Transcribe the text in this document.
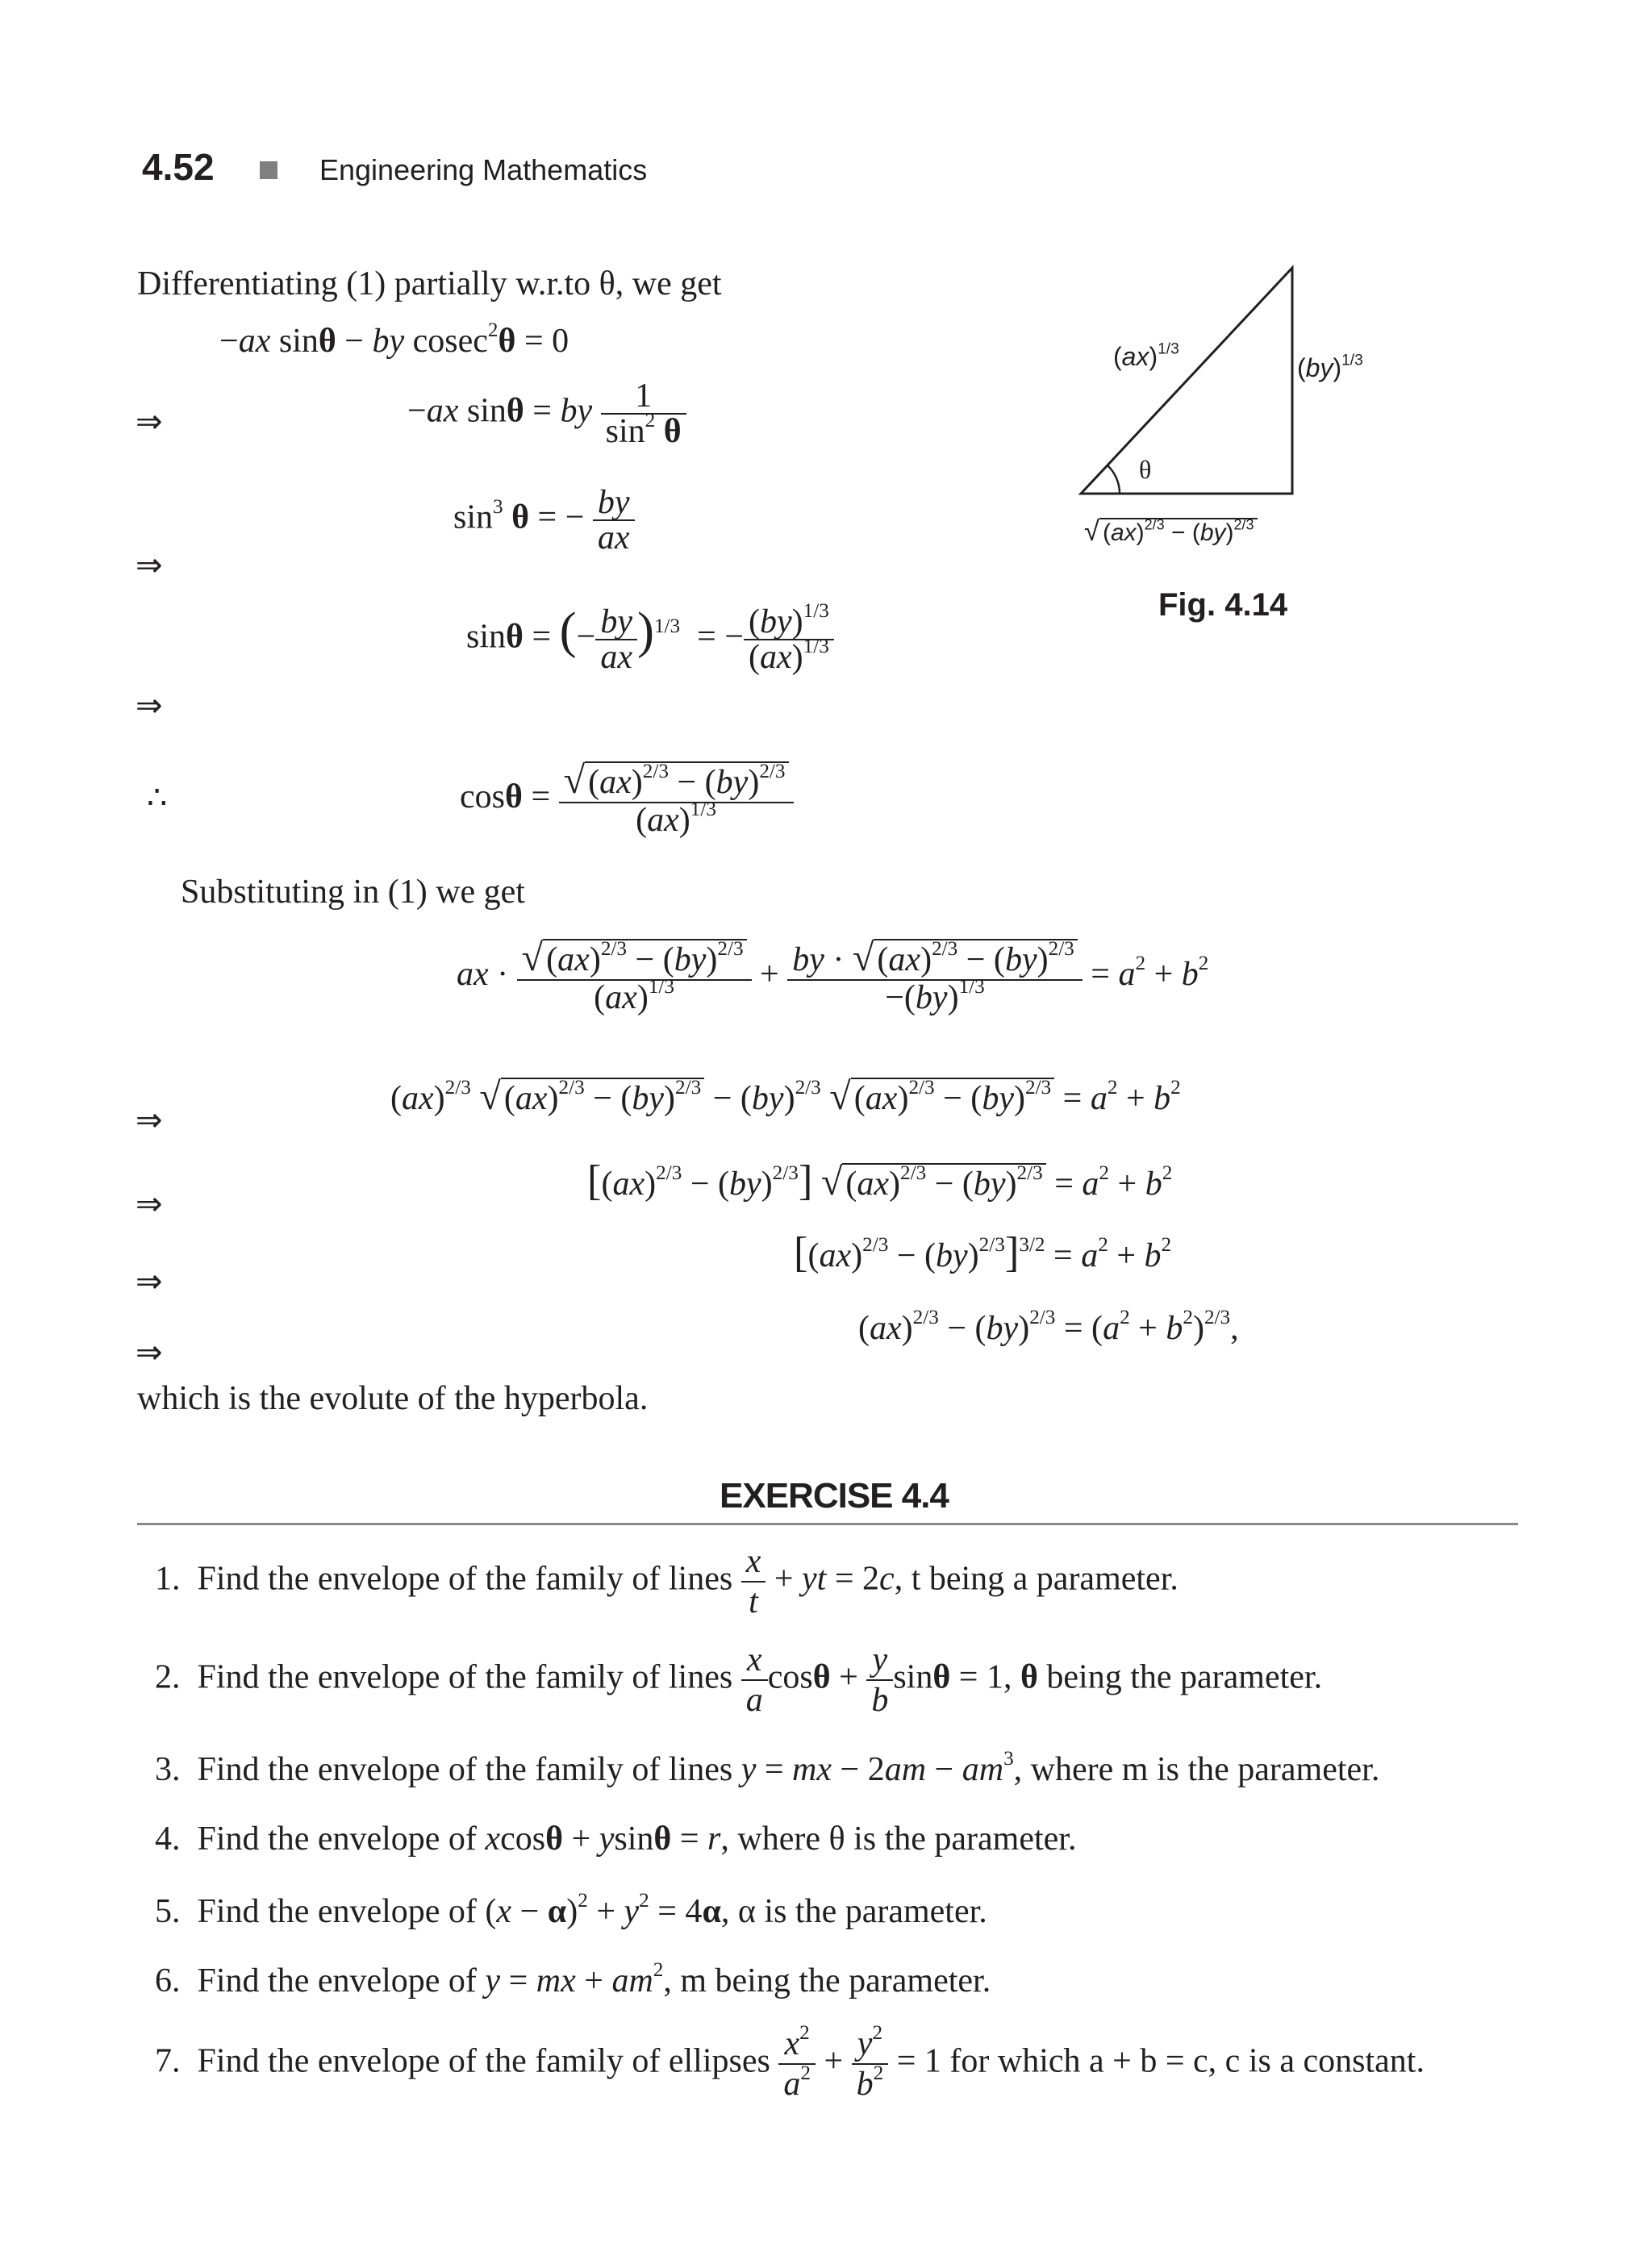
4.52	Engineering Mathematics
Differentiating (1) partially w.r.to θ, we get
−ax sinθ − by cosec$^2$θ = 0
⇒	−ax sinθ = by $\frac{1}{\sin^2 \theta}$
$\sin^3 \theta$ = − $\frac{by}{ax}$
⇒
sinθ = (− $\frac{by}{ax} )^{1/3}$  = − $\frac{(by)^{1/3}}{(ax)^{1/3}}$
⇒
∴	$\cos\theta = \frac{√(ax)^{2/3} - (by)^{2/3}}{(ax)^{1/3}}$
Substituting in (1) we get
ax · $\frac{√(ax)^{2/3} - (by)^{2/3}}{(ax)^{1/3}} + \frac{by \cdot √(ax)^{2/3} - (by)^{2/3}}{-(by)^{1/3}} = a^2 + b^2$
⇒
(ax)$^{2/3}$ √(ax)$^{2/3}$ − (by)$^{2/3}$ − (by)$^{2/3}$ $√(ax)^{2/3} - (by)^{2/3} = a^2 + b^2$
⇒	[(ax)$^{2/3}$ − (by)$^{2/3}$] $√(ax)^{2/3} - (by)^{2/3} = a^2 + b^2$
⇒
$[(ax)^{2/3} - (by)^{2/3}]^{3/2} = a^2 + b^2$
⇒
$(ax)^{2/3} - (by)^{2/3} = (a^2 + b^2)^{2/3}$,
which is the evolute of the hyperbola.
(ax)$^{1/3}$
(by)$^{1/3}$
θ
√ (ax)$^{2/3}$ − (by)$^{2/3}$
Fig. 4.14
EXERCISE 4.4
1. Find the envelope of the family of lines $\frac{x}{t}$ + yt = 2c, t being a parameter.
2. Find the envelope of the family of lines $\frac{x}{a}$ $\cos\theta + \frac{y}{b}$ sinθ = 1, θ being the parameter.
3. Find the envelope of the family of lines y = mx − $2am - am^3$, where m is the parameter.
4. Find the envelope of xcosθ + ysinθ = r, where θ is the parameter.
5. Find the envelope of $(x - \alpha)^2 + y^2 = 4\alpha$, α is the parameter.
6. Find the envelope of y = mx + $am^2$, m being the parameter.
7. Find the envelope of the family of ellipses $\frac{x^2}{a^2} + \frac{y^2}{b^2} = 1$ for which a + b = c, c is a constant.
